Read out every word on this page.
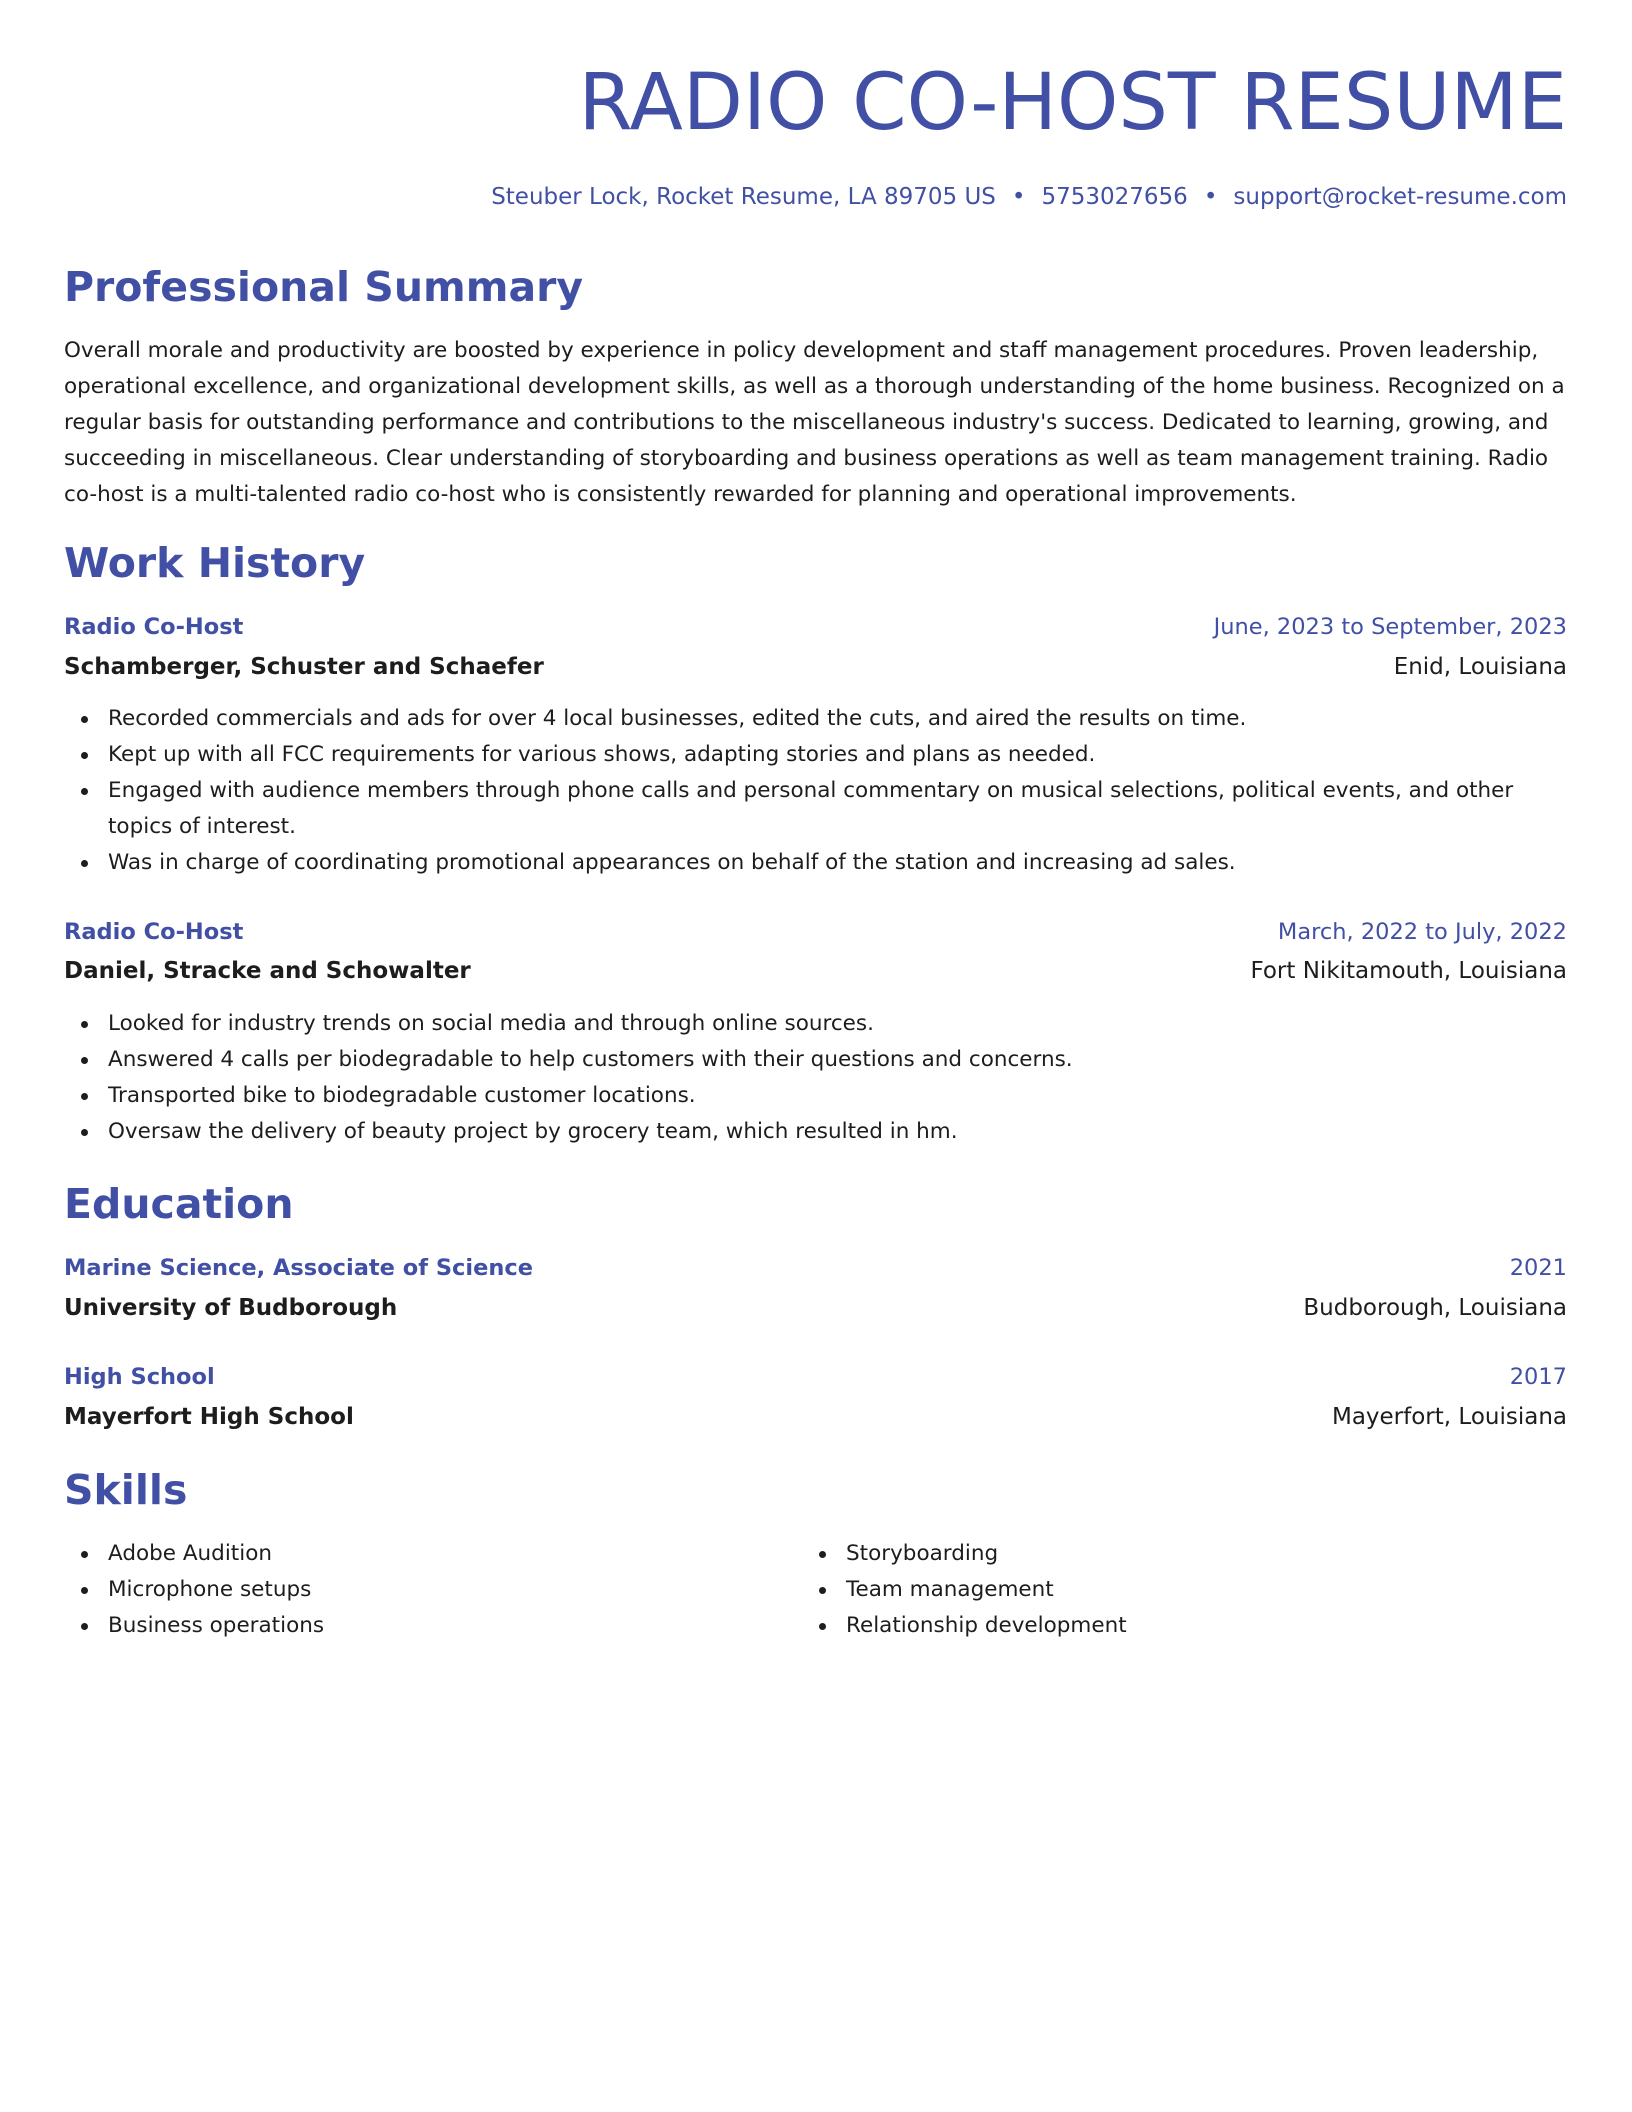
RADIO CO-HOST RESUME
Steuber Lock, Rocket Resume, LA 89705 US • 5753027656 • support@rocket-resume.com
Professional Summary

Overall morale and productivity are boosted by experience in policy development and staff management procedures. Proven leadership, operational excellence, and organizational development skills, as well as a thorough understanding of the home business. Recognized on a regular basis for outstanding performance and contributions to the miscellaneous industry's success. Dedicated to learning, growing, and succeeding in miscellaneous. Clear understanding of storyboarding and business operations as well as team management training. Radio co-host is a multi-talented radio co-host who is consistently rewarded for planning and operational improvements.

Work History
Radio Co-Host	June, 2023 to September, 2023
Schamberger, Schuster and Schaefer	Enid, Louisiana
Recorded commercials and ads for over 4 local businesses, edited the cuts, and aired the results on time.
Kept up with all FCC requirements for various shows, adapting stories and plans as needed.
Engaged with audience members through phone calls and personal commentary on musical selections, political events, and other topics of interest.
Was in charge of coordinating promotional appearances on behalf of the station and increasing ad sales.
Radio Co-Host	March, 2022 to July, 2022
Daniel, Stracke and Schowalter	Fort Nikitamouth, Louisiana
Looked for industry trends on social media and through online sources.
Answered 4 calls per biodegradable to help customers with their questions and concerns.
Transported bike to biodegradable customer locations.
Oversaw the delivery of beauty project by grocery team, which resulted in hm.
Education
Marine Science, Associate of Science	2021
University of Budborough	Budborough, Louisiana
High School	2017
Mayerfort High School	Mayerfort, Louisiana
Skills
Adobe Audition
Microphone setups
Business operations
Storyboarding
Team management
Relationship development
